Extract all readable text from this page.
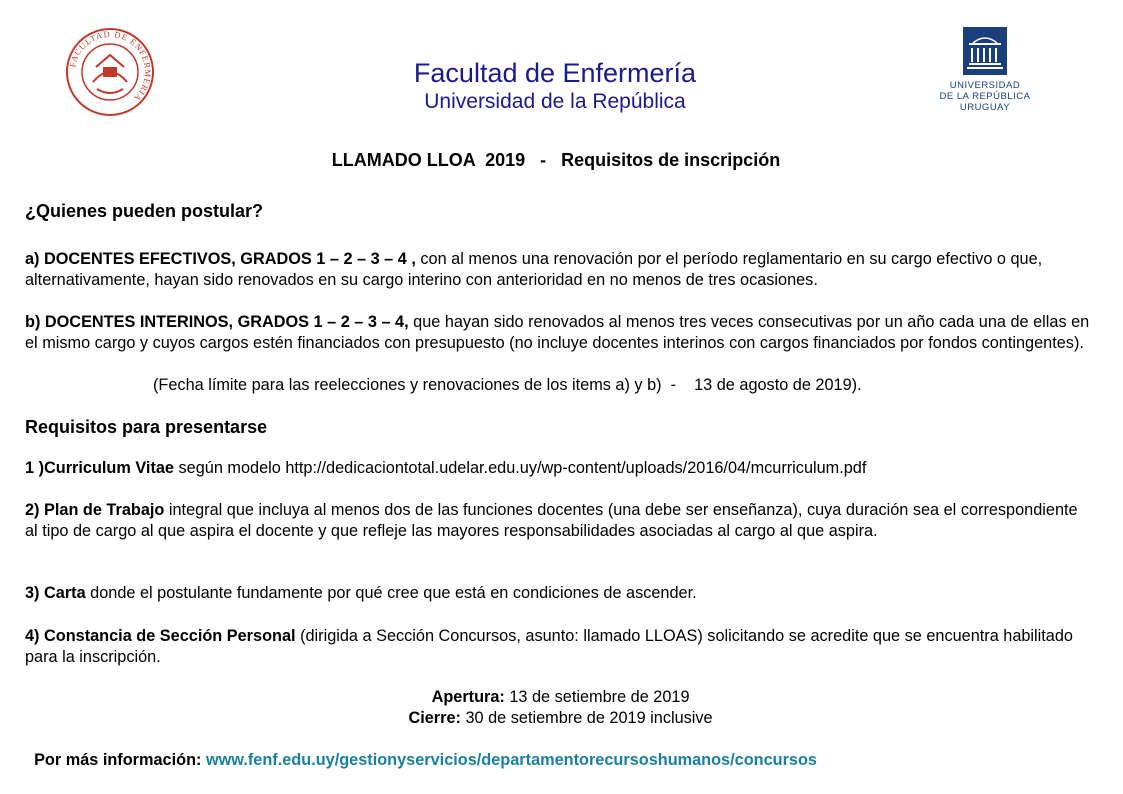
FACULTAD DE ENFERMERIA
Facultad de Enfermería
Universidad de la República
UNIVERSIDAD
DE LA REPÚBLICA
URUGUAY
LLAMADO LLOA  2019   -   Requisitos de inscripción
¿Quienes pueden postular?
a) DOCENTES EFECTIVOS, GRADOS 1 – 2 – 3 – 4 , con al menos una renovación por el período reglamentario en su cargo efectivo o que, alternativamente, hayan sido renovados en su cargo interino con anterioridad en no menos de tres ocasiones.
b) DOCENTES INTERINOS, GRADOS 1 – 2 – 3 – 4, que hayan sido renovados al menos tres veces consecutivas por un año cada una de ellas en el mismo cargo y cuyos cargos estén financiados con presupuesto (no incluye docentes interinos con cargos financiados por fondos contingentes).
(Fecha límite para las reelecciones y renovaciones de los items a) y b)  -    13 de agosto de 2019).
Requisitos para presentarse
1 )Curriculum Vitae según modelo http://dedicaciontotal.udelar.edu.uy/wp-content/uploads/2016/04/mcurriculum.pdf
2) Plan de Trabajo integral que incluya al menos dos de las funciones docentes (una debe ser enseñanza), cuya duración sea el correspondiente al tipo de cargo al que aspira el docente y que refleje las mayores responsabilidades asociadas al cargo al que aspira.
3) Carta donde el postulante fundamente por qué cree que está en condiciones de ascender.
4) Constancia de Sección Personal (dirigida a Sección Concursos, asunto: llamado LLOAS) solicitando se acredite que se encuentra habilitado para la inscripción.

Apertura: 13 de setiembre de 2019

Cierre: 30 de setiembre de 2019 inclusive

Por más información: www.fenf.edu.uy/gestionyservicios/departamentorecursoshumanos/concursos
